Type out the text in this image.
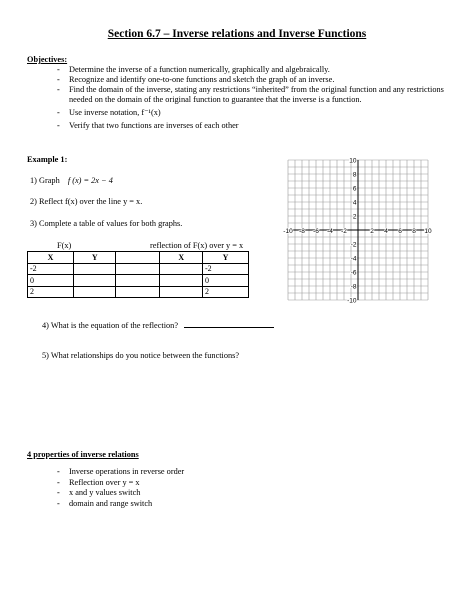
Section 6.7 – Inverse relations and Inverse Functions
Objectives:
- Determine the inverse of a function numerically, graphically and algebraically.
- Recognize and identify one-to-one functions and sketch the graph of an inverse.
- Find the domain of the inverse, stating any restrictions “inherited” from the original function and any restrictions needed on the domain of the original function to guarantee that the inverse is a function.
- Use inverse notation, f⁻¹(x)
- Verify that two functions are inverses of each other
Example 1:
1) Graph f (x) = 2x − 4
2) Reflect f(x) over the line y = x.
3) Complete a table of values for both graphs.
F(x)	reflection of F(x) over y = x
X	Y		X	Y
-2				-2
0				0
2				2
4) What is the equation of the reflection?
5) What relationships do you notice between the functions?
-10 -8 -6 -4 -2	2 4 6 8 10
10
8
6
4
2
-2
-4
-6
-8
-10
4 properties of inverse relations
- Inverse operations in reverse order
- Reflection over y = x
- x and y values switch
- domain and range switch
